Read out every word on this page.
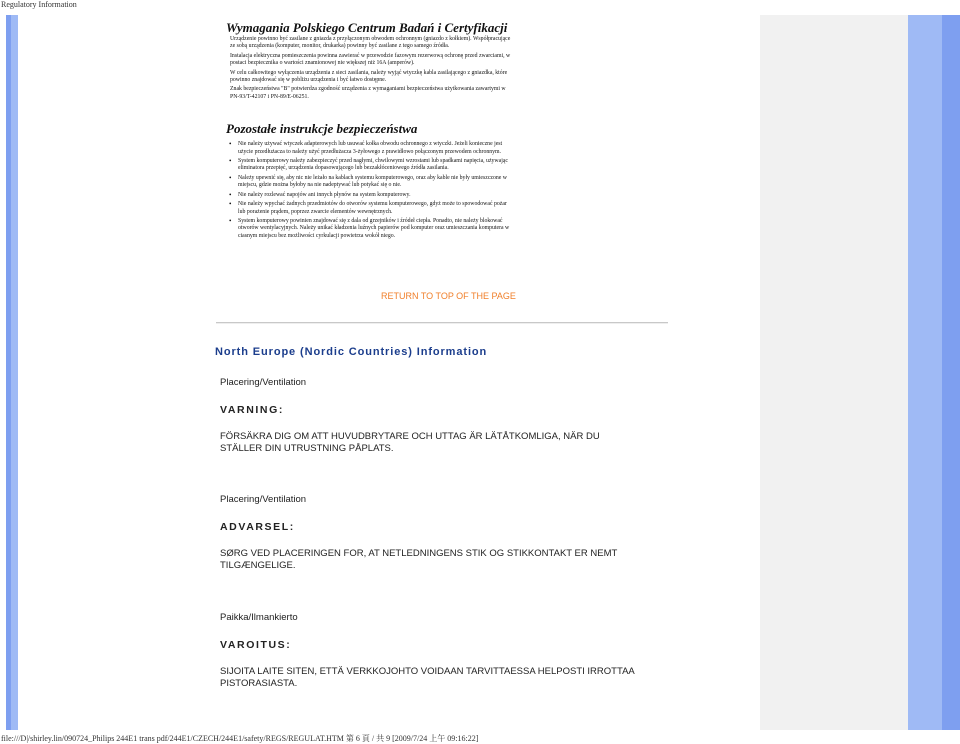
Regulatory Information
Wymagania Polskiego Centrum Badań i Certyfikacji

Urządzenie powinno być zasilane z gniazda z przyłączonym obwodem ochronnym (gniazdo z kołkiem). Współpracujące ze sobą urządzenia (komputer, monitor, drukarka) powinny być zasilane z tego samego źródła.

Instalacja elektryczna pomieszczenia powinna zawierać w przewodzie fazowym rezerwową ochronę przed zwarciami, w postaci bezpiecznika o wartości znamionowej nie większej niż 16A (amperów).

W celu całkowitego wyłączenia urządzenia z sieci zasilania, należy wyjąć wtyczkę kabla zasilającego z gniazdka, które powinno znajdować się w pobliżu urządzenia i być łatwo dostępne.

Znak bezpieczeństwa "B" potwierdza zgodność urządzenia z wymaganiami bezpieczeństwa użytkowania zawartymi w PN-93/T-42107 i PN-89/E-06251.

Pozostałe instrukcje bezpieczeństwa
• Nie należy używać wtyczek adapterowych lub usuwać kołka obwodu ochronnego z wtyczki. Jeżeli konieczne jest użycie przedłużacza to należy użyć przedłużacza 3-żyłowego z prawidłowo połączonym przewodem ochronnym.
• System komputerowy należy zabezpieczyć przed nagłymi, chwilowymi wzrostami lub spadkami napięcia, używając eliminatora przepięć, urządzenia dopasowującego lub bezzakłóceniowego źródła zasilania.
• Należy upewnić się, aby nic nie leżało na kablach systemu komputerowego, oraz aby kable nie były umieszczone w miejscu, gdzie można byłoby na nie nadeptywać lub potykać się o nie.
• Nie należy rozlewać napojów ani innych płynów na system komputerowy.
• Nie należy wpychać żadnych przedmiotów do otworów systemu komputerowego, gdyż może to spowodować pożar lub porażenie prądem, poprzez zwarcie elementów wewnętrznych.
• System komputerowy powinien znajdować się z dala od grzejników i źródeł ciepła. Ponadto, nie należy blokować otworów wentylacyjnych. Należy unikać kładzenia luźnych papierów pod komputer oraz umieszczania komputera w ciasnym miejscu bez możliwości cyrkulacji powietrza wokół niego.
RETURN TO TOP OF THE PAGE
North Europe (Nordic Countries) Information
Placering/Ventilation
VARNING:
FÖRSÄKRA DIG OM ATT HUVUDBRYTARE OCH UTTAG ÄR LÄTÅTKOMLIGA, NÄR DU STÄLLER DIN UTRUSTNING PÅPLATS.
Placering/Ventilation
ADVARSEL:
SØRG VED PLACERINGEN FOR, AT NETLEDNINGENS STIK OG STIKKONTAKT ER NEMT TILGÆNGELIGE.
Paikka/Ilmankierto
VAROITUS:
SIJOITA LAITE SITEN, ETTÄ VERKKOJOHTO VOIDAAN TARVITTAESSA HELPOSTI IRROTTAA PISTORASIASTA.
file:///D|/shirley.lin/090724_Philips 244E1 trans pdf/244E1/CZECH/244E1/safety/REGS/REGULAT.HTM 第 6 頁 / 共 9 [2009/7/24 上午 09:16:22]
